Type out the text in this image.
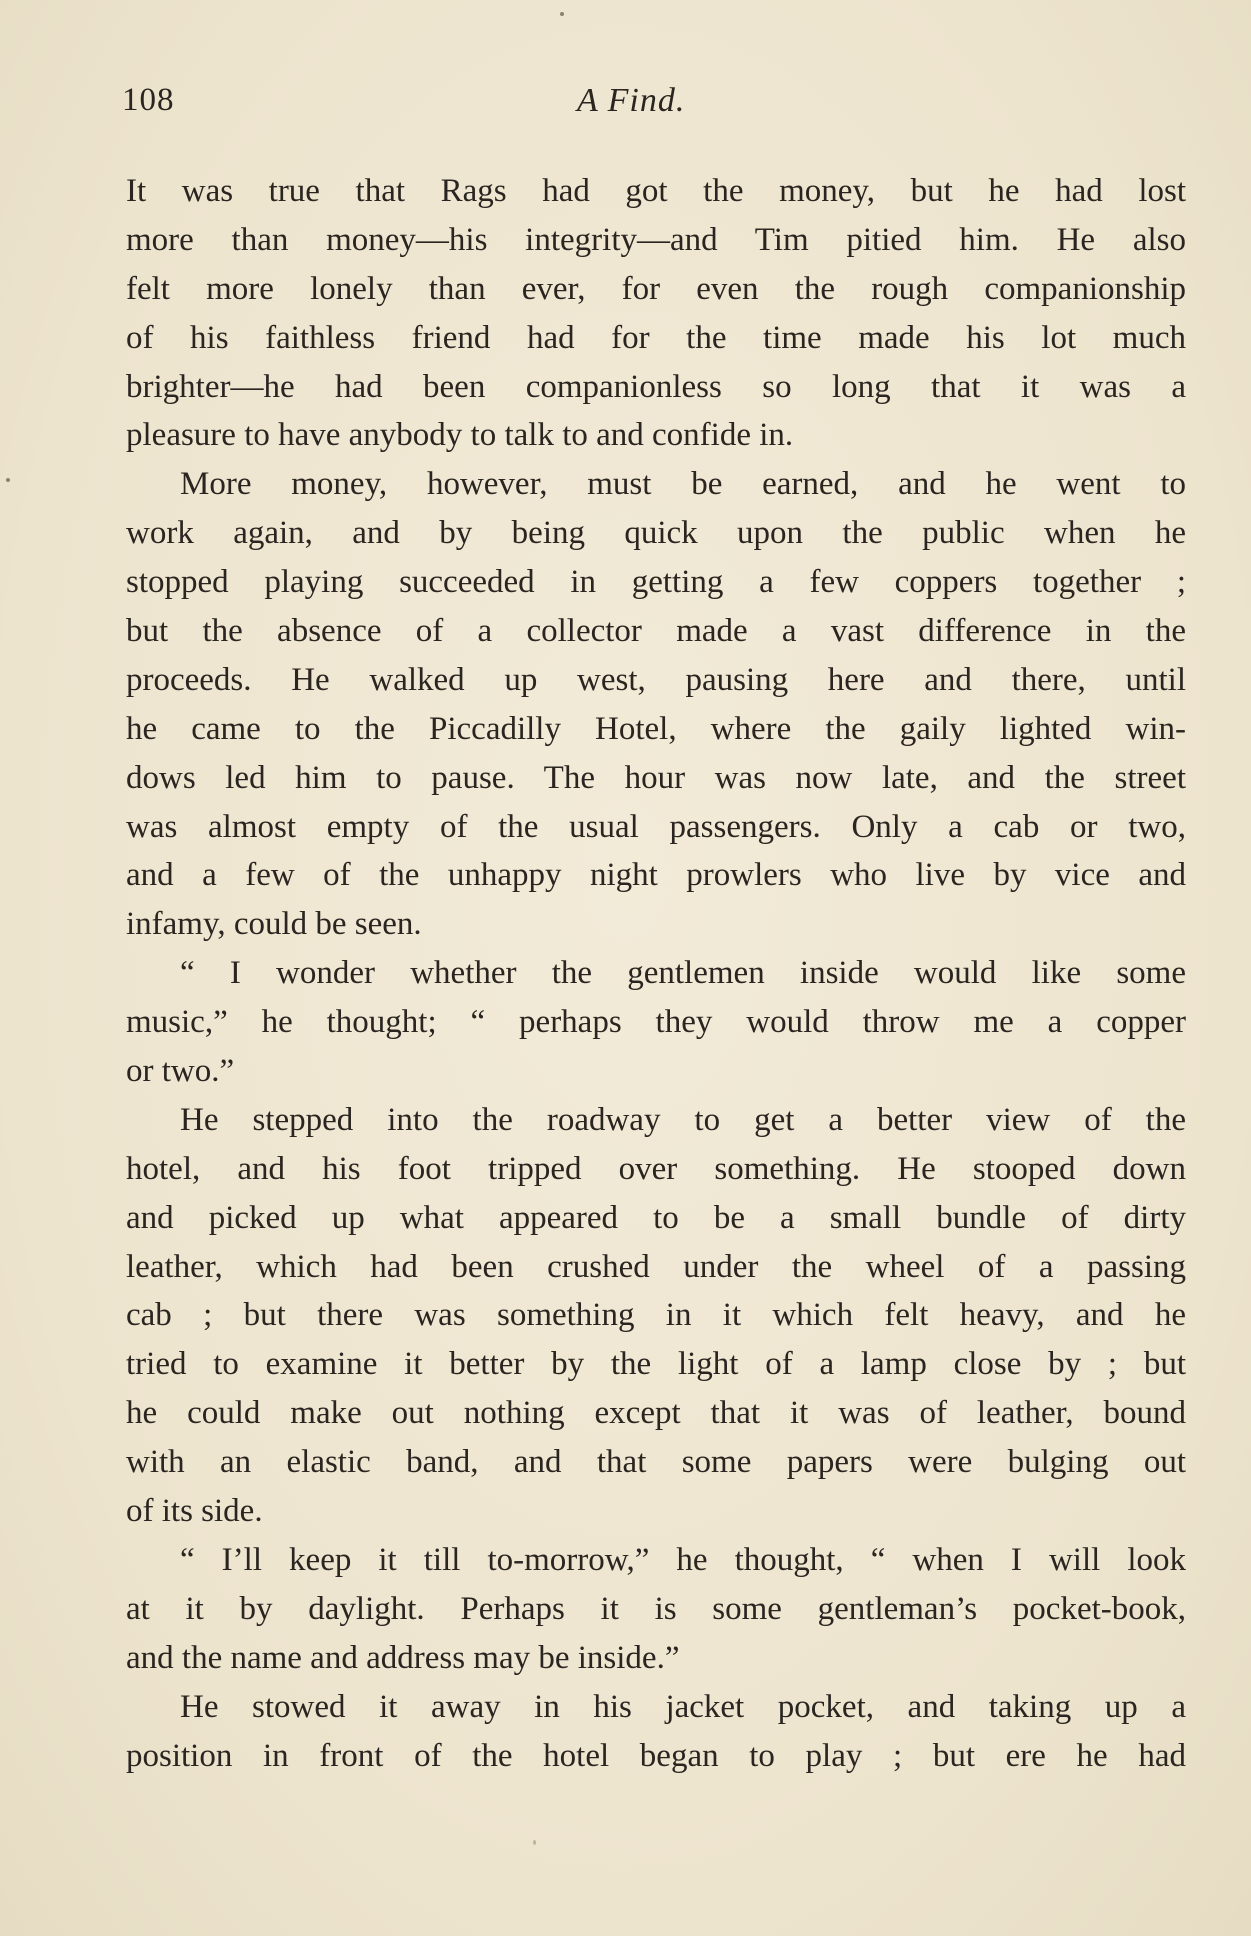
108	A Find.
It was true that Rags had got the money, but he had lost
more than money—his integrity—and Tim pitied him. He also
felt more lonely than ever, for even the rough companionship
of his faithless friend had for the time made his lot much
brighter—he had been companionless so long that it was a
pleasure to have anybody to talk to and confide in.
More money, however, must be earned, and he went to
work again, and by being quick upon the public when he
stopped playing succeeded in getting a few coppers together ;
but the absence of a collector made a vast difference in the
proceeds. He walked up west, pausing here and there, until
he came to the Piccadilly Hotel, where the gaily lighted win-
dows led him to pause. The hour was now late, and the street
was almost empty of the usual passengers. Only a cab or two,
and a few of the unhappy night prowlers who live by vice and
infamy, could be seen.
“ I wonder whether the gentlemen inside would like some
music,” he thought; “ perhaps they would throw me a copper
or two.”
He stepped into the roadway to get a better view of the
hotel, and his foot tripped over something. He stooped down
and picked up what appeared to be a small bundle of dirty
leather, which had been crushed under the wheel of a passing
cab ; but there was something in it which felt heavy, and he
tried to examine it better by the light of a lamp close by ; but
he could make out nothing except that it was of leather, bound
with an elastic band, and that some papers were bulging out
of its side.
“ I’ll keep it till to-morrow,” he thought, “ when I will look
at it by daylight. Perhaps it is some gentleman’s pocket-book,
and the name and address may be inside.”
He stowed it away in his jacket pocket, and taking up a
position in front of the hotel began to play ; but ere he had
